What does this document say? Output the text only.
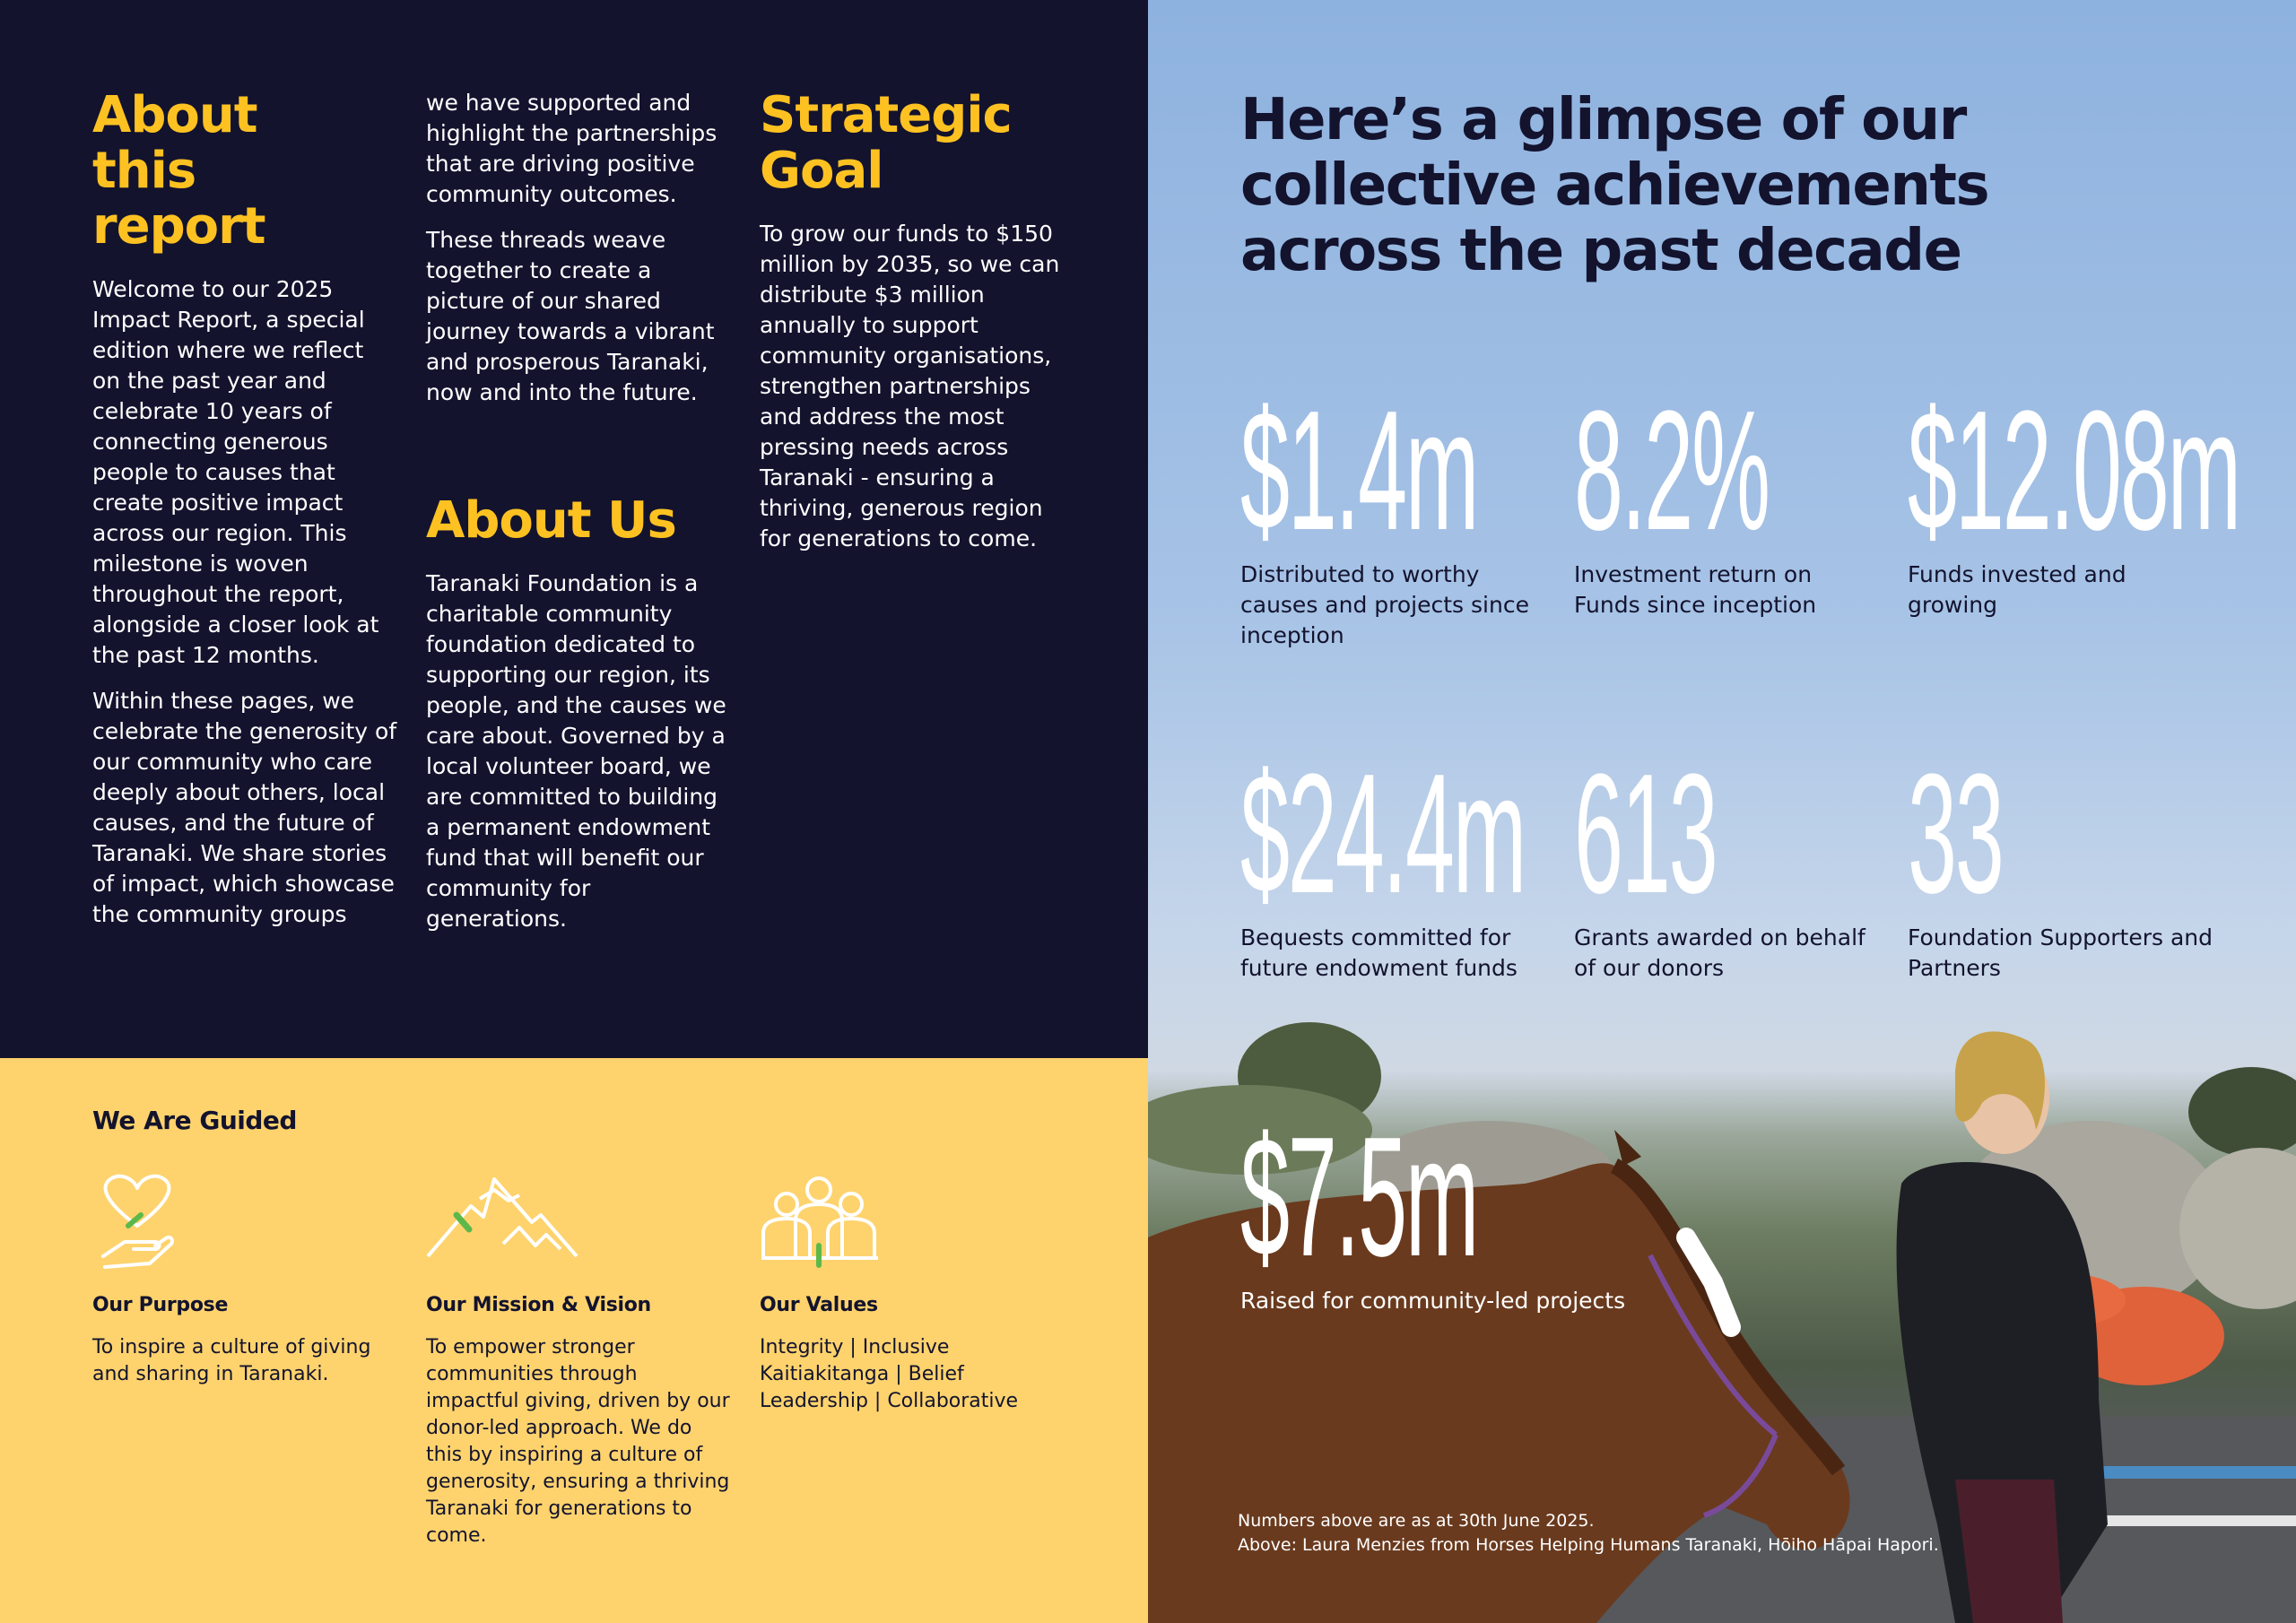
About this report

Welcome to our 2025 Impact Report, a special edition where we reflect on the past year and celebrate 10 years of connecting generous people to causes that create positive impact across our region. This milestone is woven throughout the report, alongside a closer look at the past 12 months.

Within these pages, we celebrate the generosity of our community who care deeply about others, local causes, and the future of Taranaki. We share stories of impact, which showcase the community groups

we have supported and highlight the partnerships that are driving positive community outcomes.

These threads weave together to create a picture of our shared journey towards a vibrant and prosperous Taranaki, now and into the future.

About Us

Taranaki Foundation is a charitable community foundation dedicated to supporting our region, its people, and the causes we care about. Governed by a local volunteer board, we are committed to building a permanent endowment fund that will benefit our community for generations.

Strategic Goal

To grow our funds to $150 million by 2035, so we can distribute $3 million annually to support community organisations, strengthen partnerships and address the most pressing needs across Taranaki - ensuring a thriving, generous region for generations to come.

We Are Guided
Our Purpose
To inspire a culture of giving and sharing in Taranaki.
Our Mission & Vision
To empower stronger communities through impactful giving, driven by our donor-led approach. We do this by inspiring a culture of generosity, ensuring a thriving Taranaki for generations to come.
Our Values
Integrity | Inclusive
Kaitiakitanga | Belief
Leadership | Collaborative
Here’s a glimpse of our collective achievements across the past decade
$1.4m
Distributed to worthy causes and projects since inception
8.2%
Investment return on Funds since inception
$12.08m
Funds invested and growing
$24.4m
Bequests committed for future endowment funds
613
Grants awarded on behalf of our donors
33
Foundation Supporters and Partners
$7.5m
Raised for community-led projects
Numbers above are as at 30th June 2025.
Above: Laura Menzies from Horses Helping Humans Taranaki, Hōiho Hāpai Hapori.
